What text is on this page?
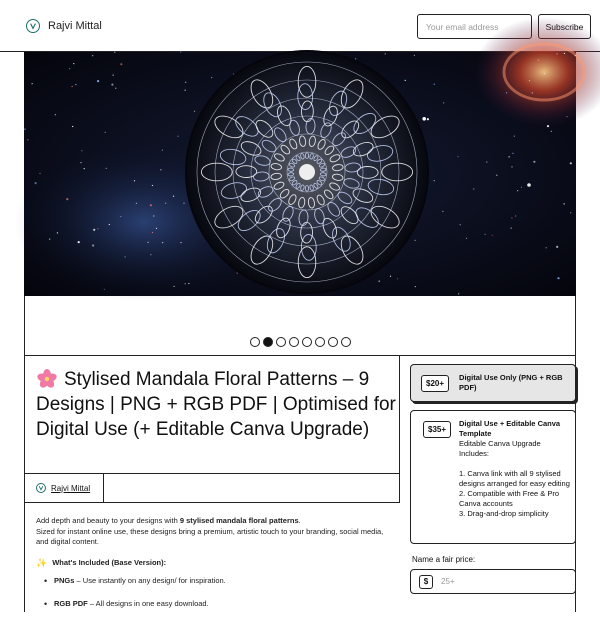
Rajvi Mittal
Your email address
Stylised Mandala Floral Patterns – 9 Designs | PNG + RGB PDF | Optimised for Digital Use (+ Editable Canva Upgrade)
Rajvi Mittal
Add depth and beauty to your designs with 9 stylised mandala floral patterns.
Sized for instant online use, these designs bring a premium, artistic touch to your branding, social media, and digital content.
✨ What's Included (Base Version):
• PNGs – Use instantly on any design/ for inspiration.
• RGB PDF – All designs in one easy download.
$20+
Digital Use Only (PNG + RGB PDF)
$35+
Digital Use + Editable Canva Template
Editable Canva Upgrade Includes:

1. Canva link with all 9 stylised designs arranged for easy editing
2. Compatible with Free & Pro Canva accounts
3. Drag-and-drop simplicity
Name a fair price:
$
25+
